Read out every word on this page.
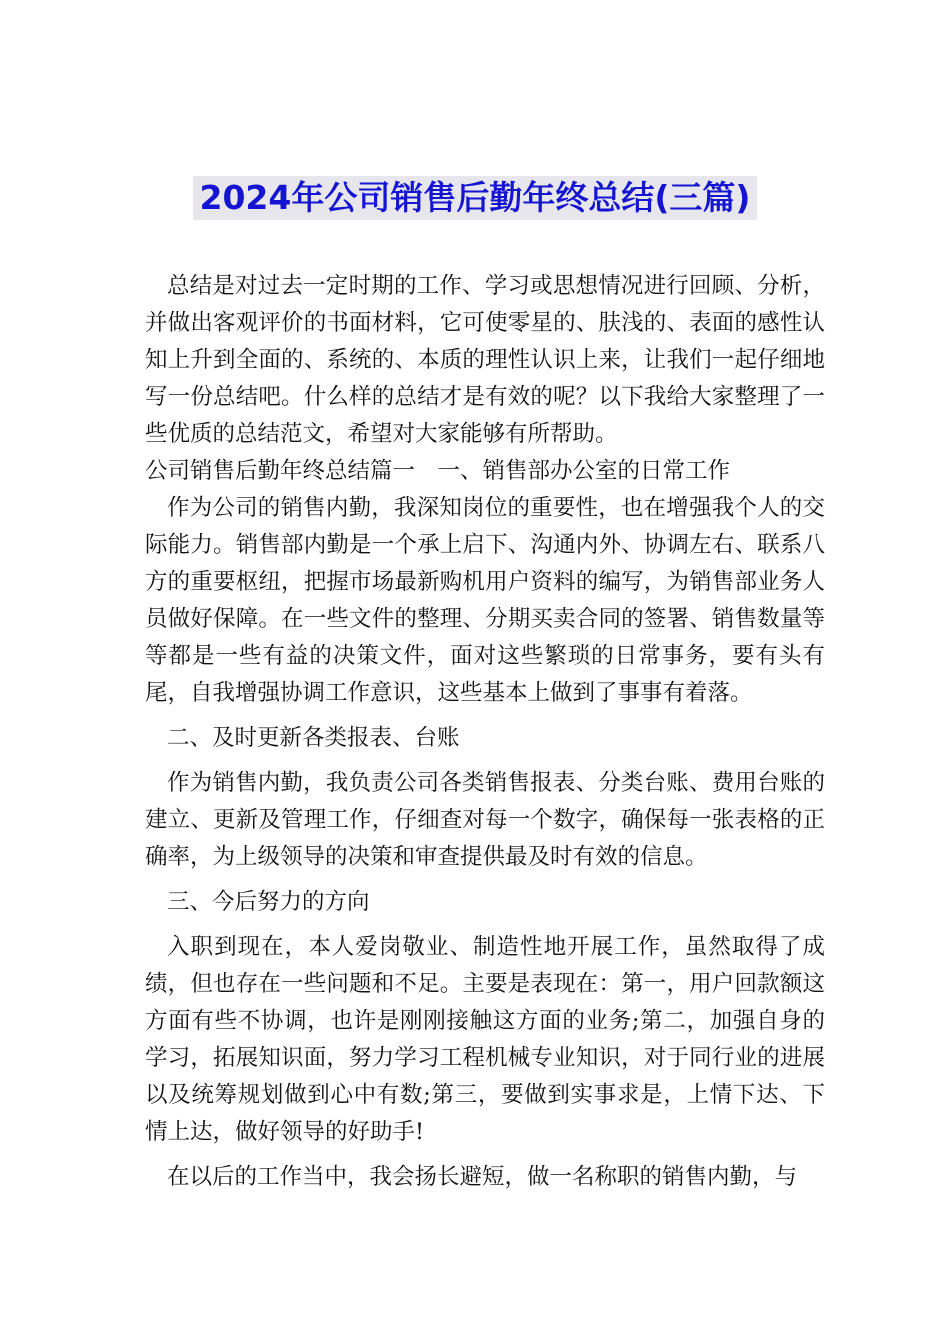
2024年公司销售后勤年终总结(三篇)

总结是对过去一定时期的工作、学习或思想情况进行回顾、分析，并做出客观评价的书面材料，它可使零星的、肤浅的、表面的感性认知上升到全面的、系统的、本质的理性认识上来，让我们一起仔细地写一份总结吧。什么样的总结才是有效的呢？以下我给大家整理了一些优质的总结范文，希望对大家能够有所帮助。

公司销售后勤年终总结篇一　一、销售部办公室的日常工作

作为公司的销售内勤，我深知岗位的重要性，也在增强我个人的交际能力。销售部内勤是一个承上启下、沟通内外、协调左右、联系八方的重要枢纽，把握市场最新购机用户资料的编写，为销售部业务人员做好保障。在一些文件的整理、分期买卖合同的签署、销售数量等等都是一些有益的决策文件，面对这些繁琐的日常事务，要有头有尾，自我增强协调工作意识，这些基本上做到了事事有着落。

二、及时更新各类报表、台账

作为销售内勤，我负责公司各类销售报表、分类台账、费用台账的建立、更新及管理工作，仔细查对每一个数字，确保每一张表格的正确率，为上级领导的决策和审查提供最及时有效的信息。

三、今后努力的方向

入职到现在，本人爱岗敬业、制造性地开展工作，虽然取得了成绩，但也存在一些问题和不足。主要是表现在：第一，用户回款额这方面有些不协调，也许是刚刚接触这方面的业务;第二，加强自身的学习，拓展知识面，努力学习工程机械专业知识，对于同行业的进展以及统筹规划做到心中有数;第三，要做到实事求是，上情下达、下情上达，做好领导的好助手!

在以后的工作当中，我会扬长避短，做一名称职的销售内勤，与
